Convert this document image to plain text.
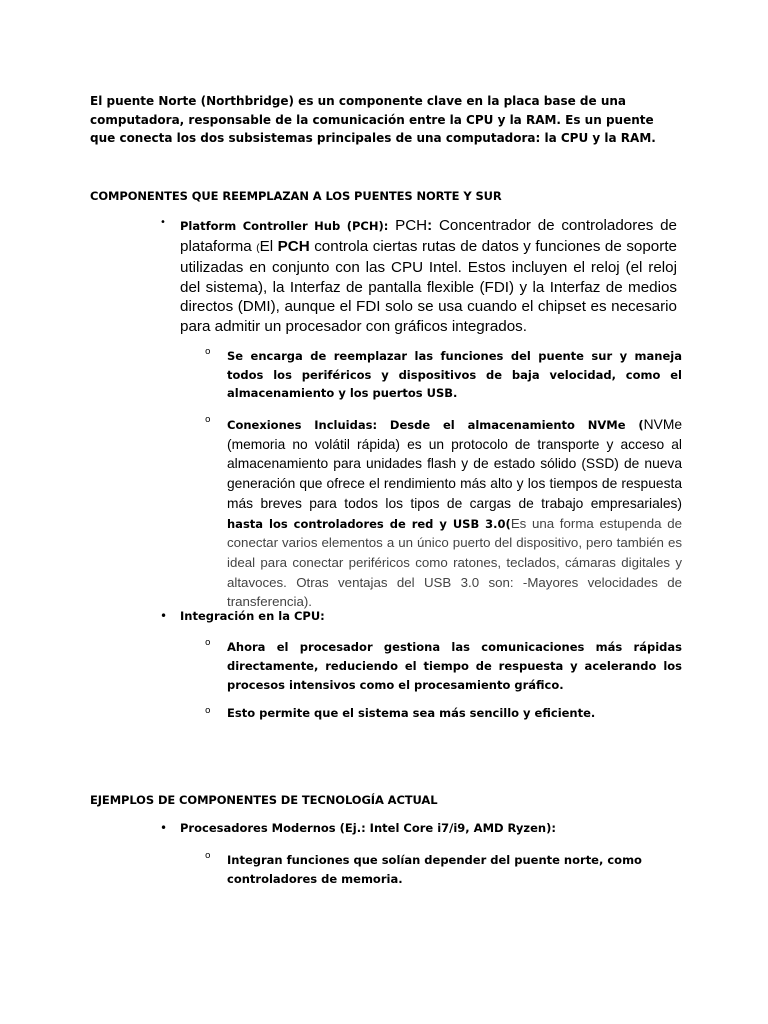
El puente Norte (Northbridge) es un componente clave en la placa base de una computadora, responsable de la comunicación entre la CPU y la RAM. Es un puente que conecta los dos subsistemas principales de una computadora: la CPU y la RAM.

COMPONENTES QUE REEMPLAZAN A LOS PUENTES NORTE Y SUR
• Platform Controller Hub (PCH): PCH: Concentrador de controladores de plataforma (El PCH controla ciertas rutas de datos y funciones de soporte utilizadas en conjunto con las CPU Intel. Estos incluyen el reloj (el reloj del sistema), la Interfaz de pantalla flexible (FDI) y la Interfaz de medios directos (DMI), aunque el FDI solo se usa cuando el chipset es necesario para admitir un procesador con gráficos integrados.
o Se encarga de reemplazar las funciones del puente sur y maneja todos los periféricos y dispositivos de baja velocidad, como el almacenamiento y los puertos USB.
o Conexiones Incluidas: Desde el almacenamiento NVMe (NVMe (memoria no volátil rápida) es un protocolo de transporte y acceso al almacenamiento para unidades flash y de estado sólido (SSD) de nueva generación que ofrece el rendimiento más alto y los tiempos de respuesta más breves para todos los tipos de cargas de trabajo empresariales) hasta los controladores de red y USB 3.0(Es una forma estupenda de conectar varios elementos a un único puerto del dispositivo, pero también es ideal para conectar periféricos como ratones, teclados, cámaras digitales y altavoces. Otras ventajas del USB 3.0 son: -Mayores velocidades de transferencia).
• Integración en la CPU:
o Ahora el procesador gestiona las comunicaciones más rápidas directamente, reduciendo el tiempo de respuesta y acelerando los procesos intensivos como el procesamiento gráfico.
o Esto permite que el sistema sea más sencillo y eficiente.
EJEMPLOS DE COMPONENTES DE TECNOLOGÍA ACTUAL
• Procesadores Modernos (Ej.: Intel Core i7/i9, AMD Ryzen):
o Integran funciones que solían depender del puente norte, como controladores de memoria.
